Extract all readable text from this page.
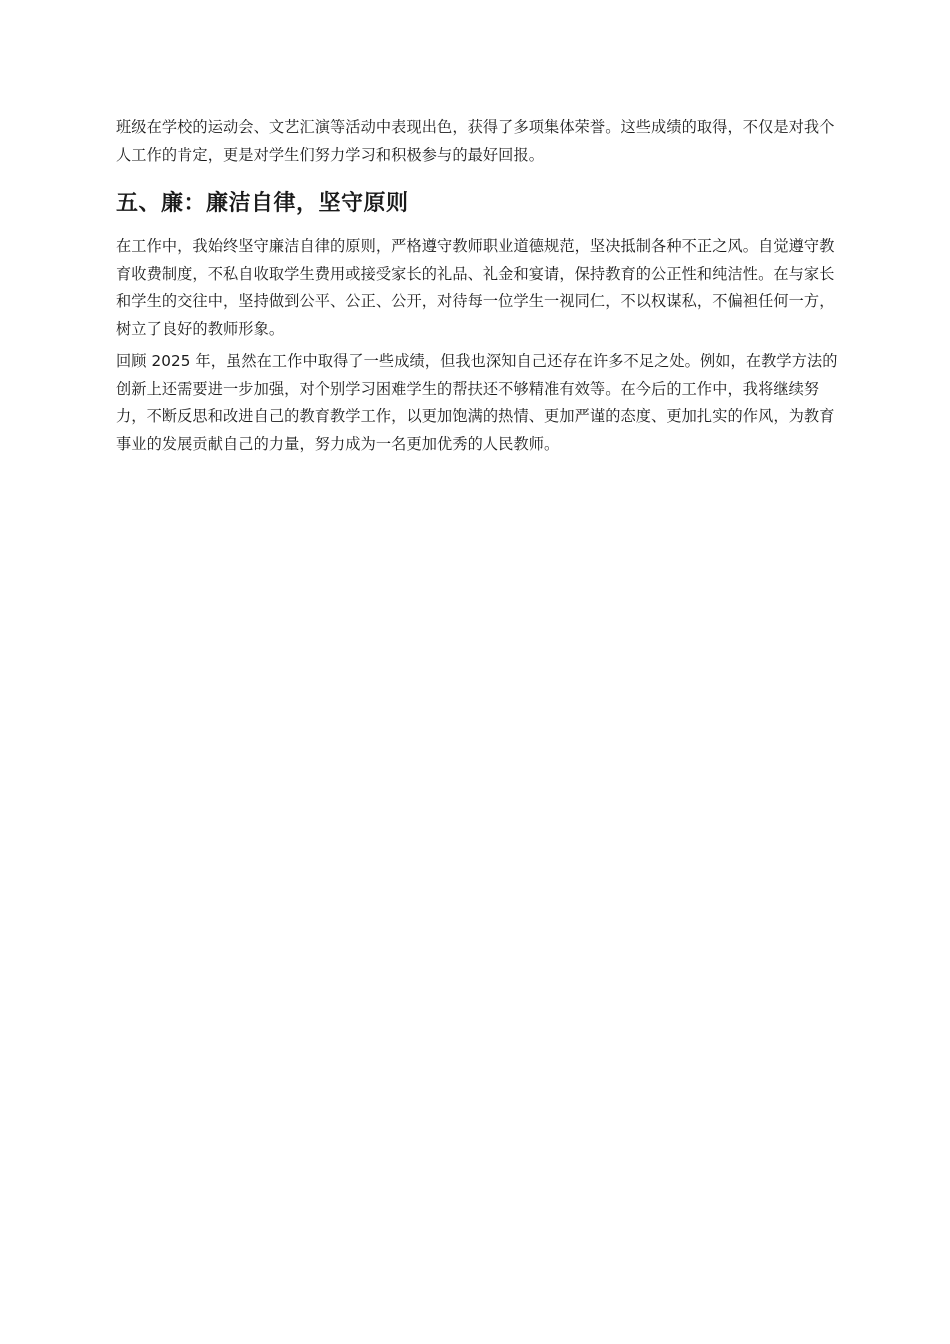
班级在学校的运动会、文艺汇演等活动中表现出色，获得了多项集体荣誉。这些成绩的取得，不仅是对我个人工作的肯定，更是对学生们努力学习和积极参与的最好回报。

五、廉：廉洁自律，坚守原则

在工作中，我始终坚守廉洁自律的原则，严格遵守教师职业道德规范，坚决抵制各种不正之风。自觉遵守教育收费制度，不私自收取学生费用或接受家长的礼品、礼金和宴请，保持教育的公正性和纯洁性。在与家长和学生的交往中，坚持做到公平、公正、公开，对待每一位学生一视同仁，不以权谋私，不偏袒任何一方，树立了良好的教师形象。

回顾 2025 年，虽然在工作中取得了一些成绩，但我也深知自己还存在许多不足之处。例如，在教学方法的创新上还需要进一步加强，对个别学习困难学生的帮扶还不够精准有效等。在今后的工作中，我将继续努力，不断反思和改进自己的教育教学工作，以更加饱满的热情、更加严谨的态度、更加扎实的作风，为教育事业的发展贡献自己的力量，努力成为一名更加优秀的人民教师。
